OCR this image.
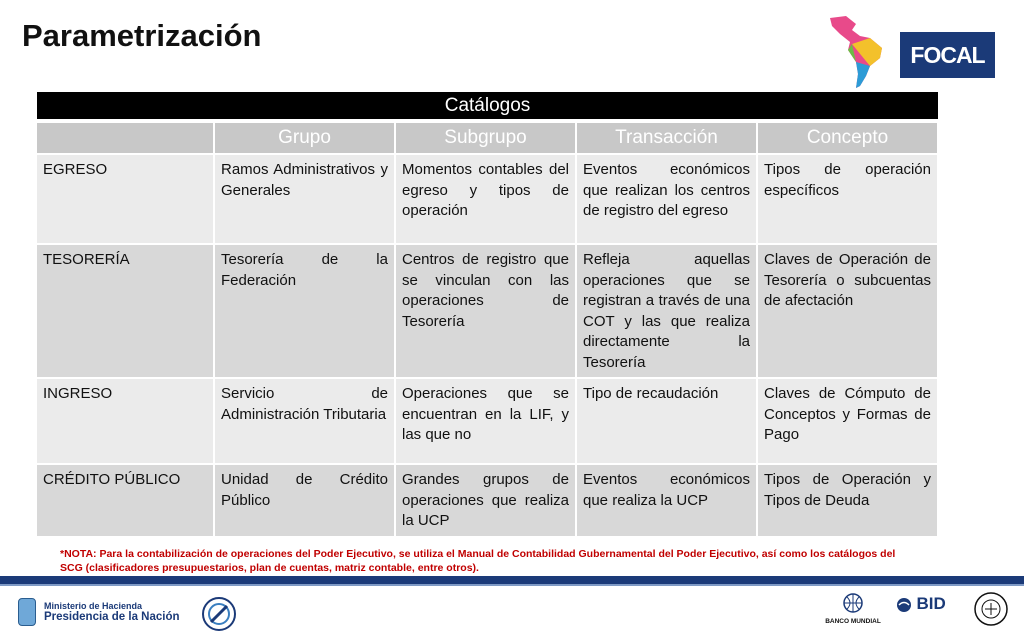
Parametrización
FOCAL
Catálogos
	Grupo	Subgrupo	Transacción	Concepto
EGRESO	Ramos Administrativos y Generales	Momentos contables del egreso y tipos de operación	Eventos económicos que realizan los centros de registro del egreso	Tipos de operación específicos
TESORERÍA	Tesorería de la Federación	Centros de registro que se vinculan con las operaciones de Tesorería	Refleja aquellas operaciones que se registran a través de una COT y las que realiza directamente la Tesorería	Claves de Operación de Tesorería o subcuentas de afectación
INGRESO	Servicio de Administración Tributaria	Operaciones que se encuentran en la LIF, y las que no	Tipo de recaudación	Claves de Cómputo de Conceptos y Formas de Pago
CRÉDITO PÚBLICO	Unidad de Crédito Público	Grandes grupos de operaciones que realiza la UCP	Eventos económicos que realiza la UCP	Tipos de Operación y Tipos de Deuda
*NOTA: Para la contabilización de operaciones del Poder Ejecutivo, se utiliza el Manual de Contabilidad Gubernamental del Poder Ejecutivo, así como los catálogos del SCG (clasificadores presupuestarios, plan de cuentas, matriz contable, entre otros).
Ministerio de Hacienda
Presidencia de la Nación	BANCO MUNDIAL
BID
